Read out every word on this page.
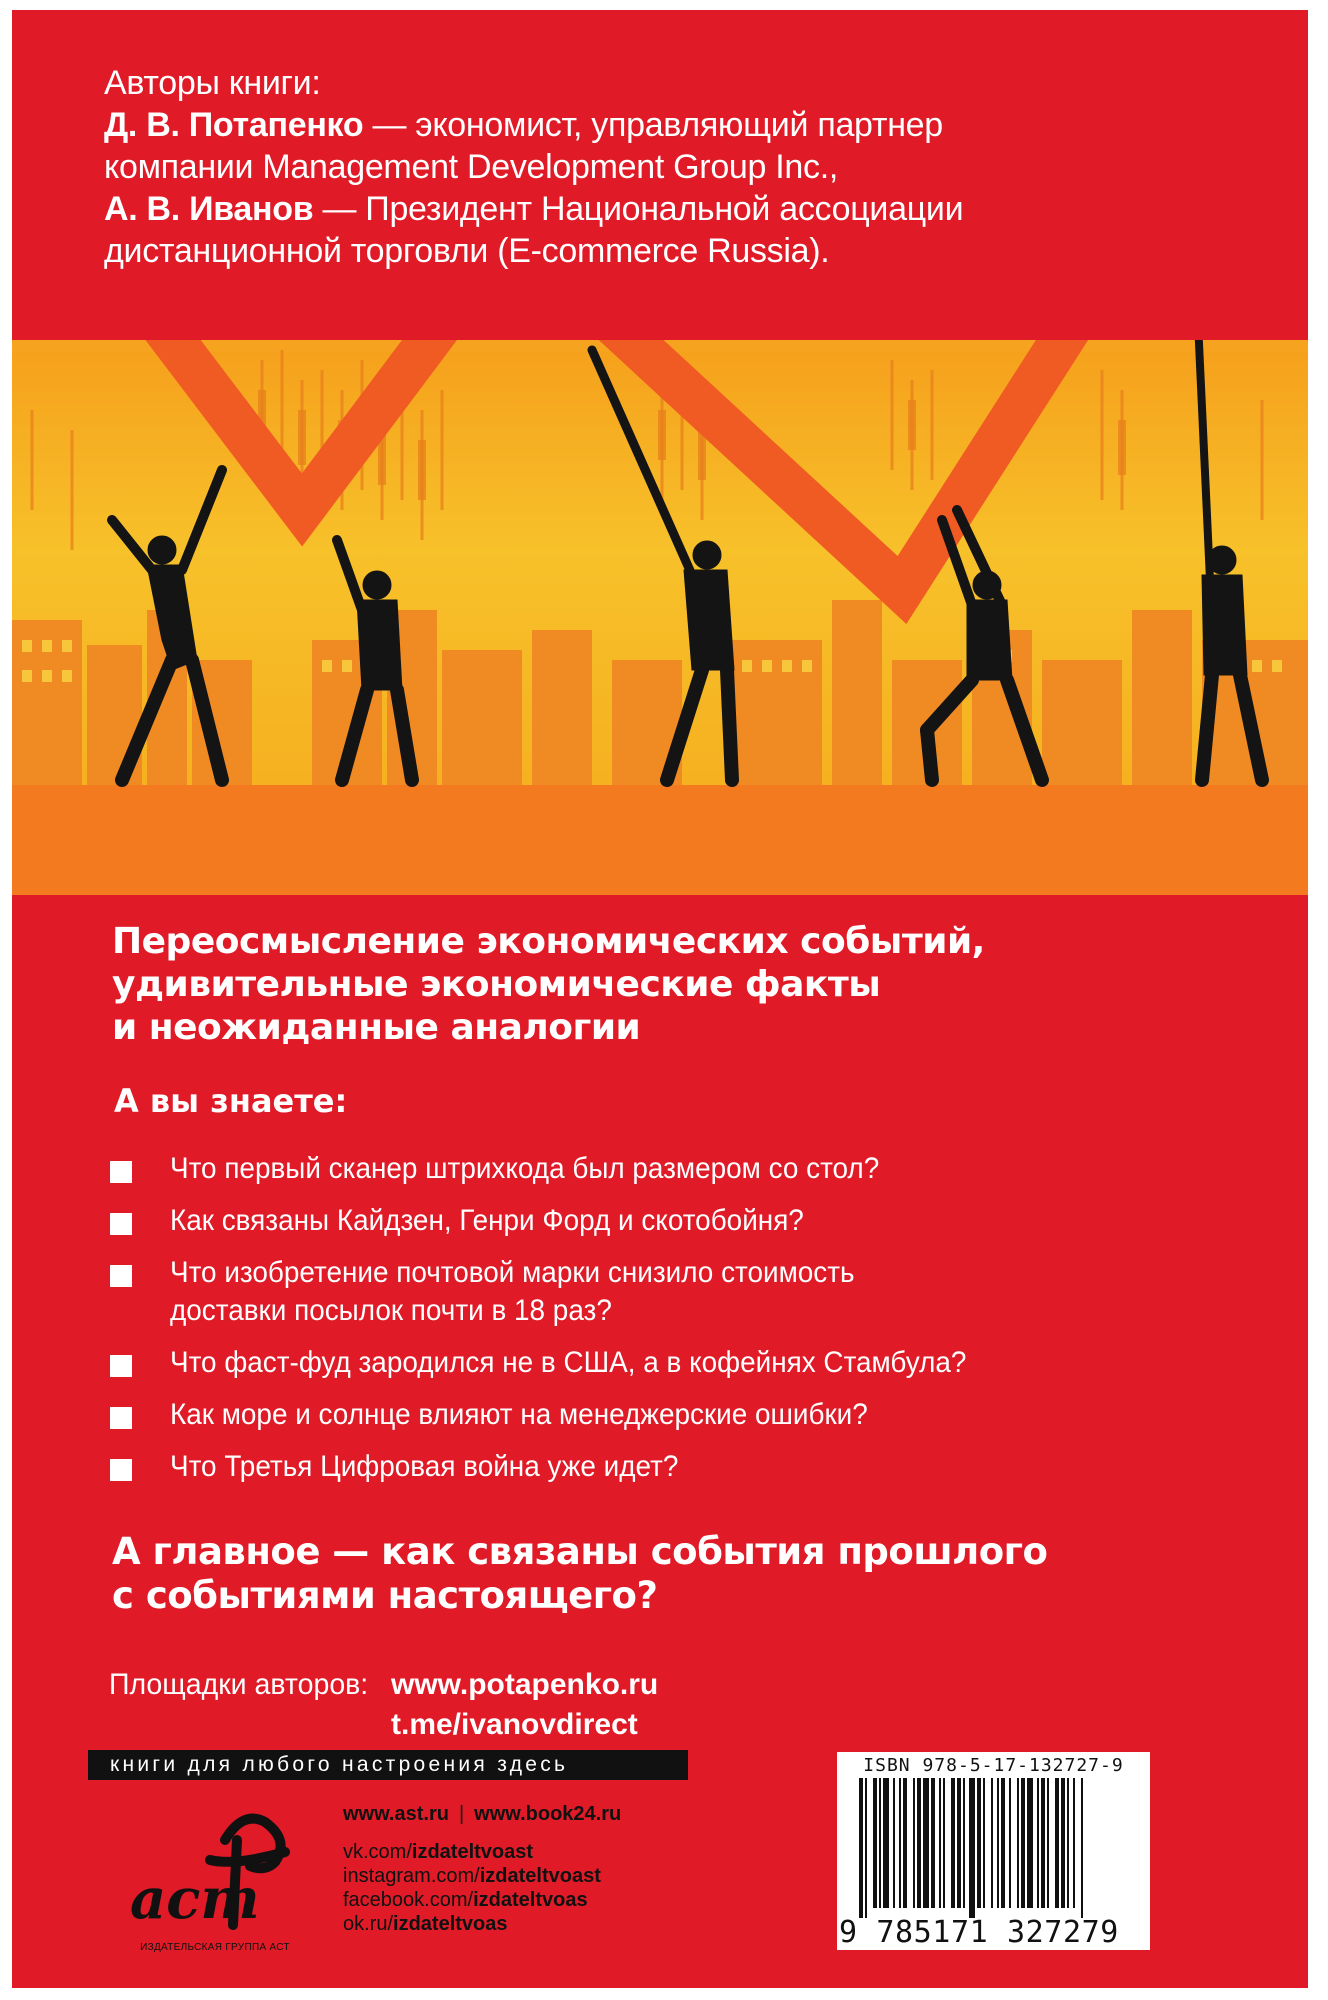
Авторы книги:
Д. В. Потапенко — экономист, управляющий партнер
компании Management Development Group Inc.,
А. В. Иванов — Президент Национальной ассоциации
дистанционной торговли (E-commerce Russia).
Переосмысление экономических событий,
удивительные экономические факты
и неожиданные аналогии
А вы знаете:
Что первый сканер штрихкода был размером со стол?
Как связаны Кайдзен, Генри Форд и скотобойня?
Что изобретение почтовой марки снизило стоимость
доставки посылок почти в 18 раз?
Что фаст-фуд зародился не в США, а в кофейнях Стамбула?
Как море и солнце влияют на менеджерские ошибки?
Что Третья Цифровая война уже идет?
А главное — как связаны события прошлого
с событиями настоящего?
Площадки авторов: www.potapenko.ru
t.me/ivanovdirect
книги для любого настроения здесь
аст
ИЗДАТЕЛЬСКАЯ ГРУППА АСТ
www.ast.ru | www.book24.ru
vk.com/izdateltvoast
instagram.com/izdateltvoast
facebook.com/izdateltvoas
ok.ru/izdateltvoas
ISBN 978-5-17-132727-9
9 785171 327279
